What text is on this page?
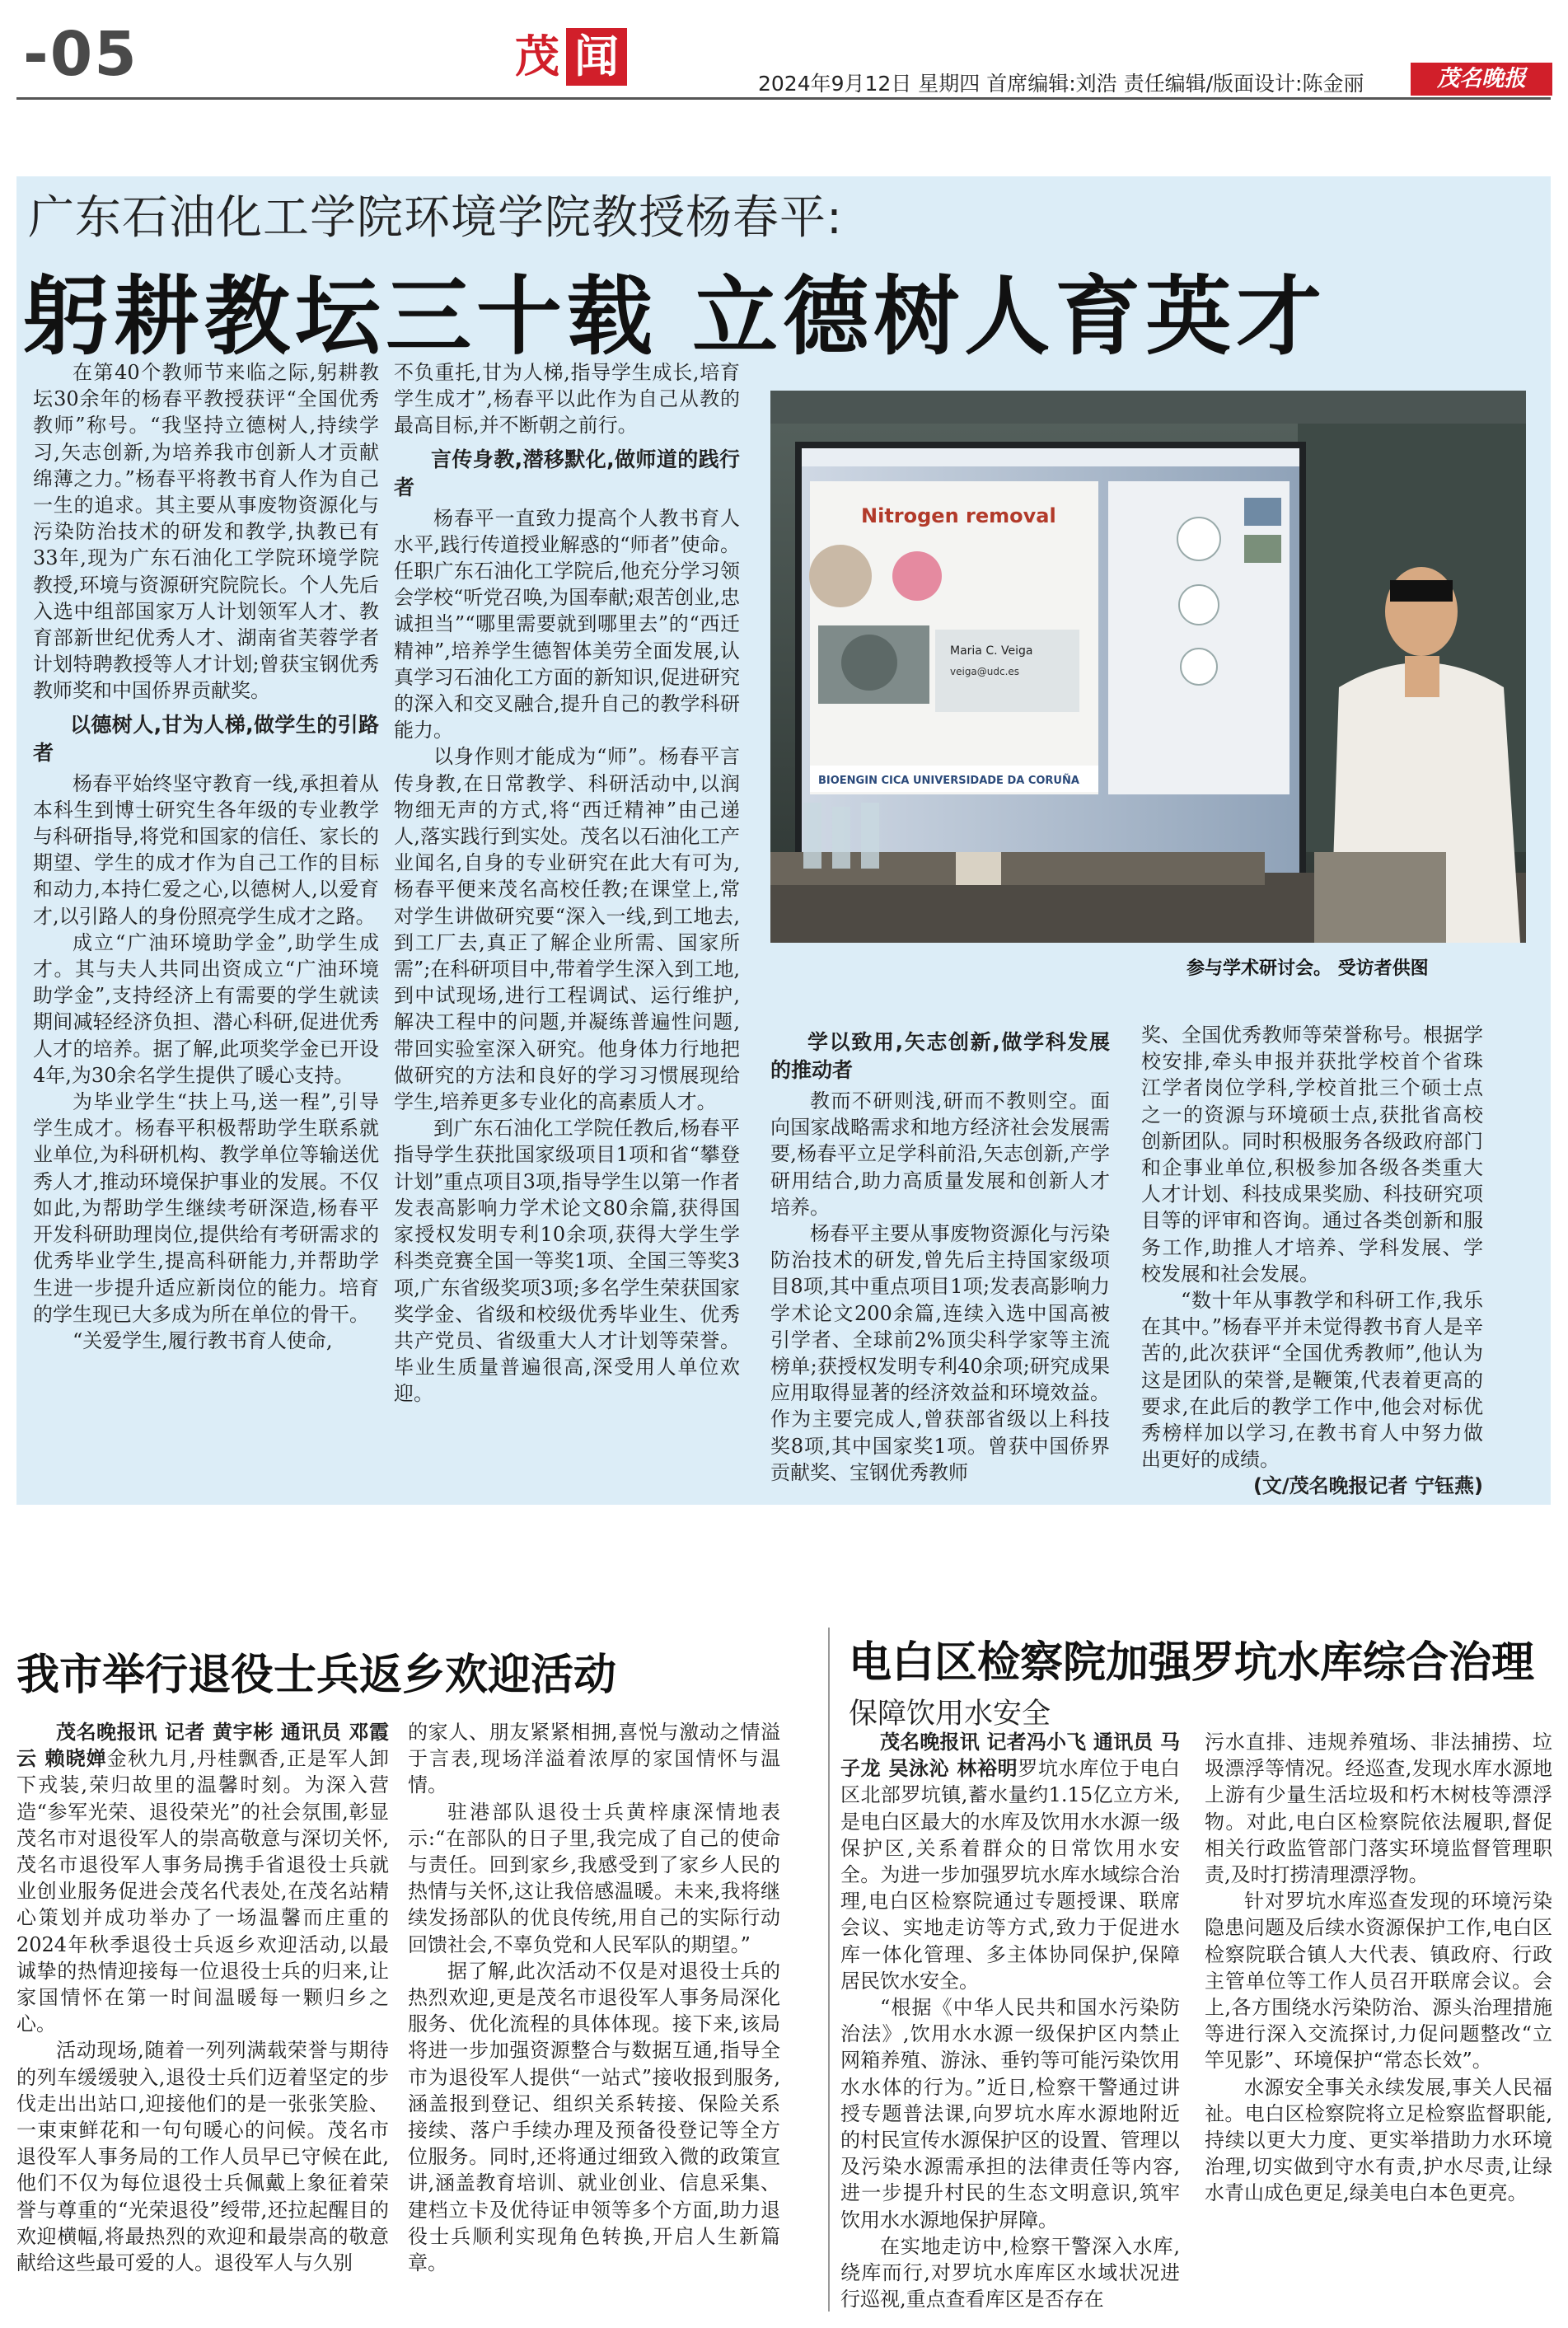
-05	茂 闻
2024年9月12日 星期四 首席编辑:刘浩 责任编辑/版面设计:陈金丽	茂名晚报
广东石油化工学院环境学院教授杨春平:
躬耕教坛三十载 立德树人育英才

在第40个教师节来临之际,躬耕教坛30余年的杨春平教授获评“全国优秀教师”称号。“我坚持立德树人,持续学习,矢志创新,为培养我市创新人才贡献绵薄之力。”杨春平将教书育人作为自己一生的追求。其主要从事废物资源化与污染防治技术的研发和教学,执教已有33年,现为广东石油化工学院环境学院教授,环境与资源研究院院长。个人先后入选中组部国家万人计划领军人才、教育部新世纪优秀人才、湖南省芙蓉学者计划特聘教授等人才计划;曾获宝钢优秀教师奖和中国侨界贡献奖。

以德树人,甘为人梯,做学生的引路者

杨春平始终坚守教育一线,承担着从本科生到博士研究生各年级的专业教学与科研指导,将党和国家的信任、家长的期望、学生的成才作为自己工作的目标和动力,本持仁爱之心,以德树人,以爱育才,以引路人的身份照亮学生成才之路。

成立“广油环境助学金”,助学生成才。其与夫人共同出资成立“广油环境助学金”,支持经济上有需要的学生就读期间减轻经济负担、潜心科研,促进优秀人才的培养。据了解,此项奖学金已开设4年,为30余名学生提供了暖心支持。

为毕业学生“扶上马,送一程”,引导学生成才。杨春平积极帮助学生联系就业单位,为科研机构、教学单位等输送优秀人才,推动环境保护事业的发展。不仅如此,为帮助学生继续考研深造,杨春平开发科研助理岗位,提供给有考研需求的优秀毕业学生,提高科研能力,并帮助学生进一步提升适应新岗位的能力。培育的学生现已大多成为所在单位的骨干。

“关爱学生,履行教书育人使命,

不负重托,甘为人梯,指导学生成长,培育学生成才”,杨春平以此作为自己从教的最高目标,并不断朝之前行。
言传身教,潜移默化,做师道的践行者

杨春平一直致力提高个人教书育人水平,践行传道授业解惑的“师者”使命。任职广东石油化工学院后,他充分学习领会学校“听党召唤,为国奉献;艰苦创业,忠诚担当”“哪里需要就到哪里去”的“西迁精神”,培养学生德智体美劳全面发展,认真学习石油化工方面的新知识,促进研究的深入和交叉融合,提升自己的教学科研能力。

以身作则才能成为“师”。杨春平言传身教,在日常教学、科研活动中,以润物细无声的方式,将“西迁精神”由己递人,落实践行到实处。茂名以石油化工产业闻名,自身的专业研究在此大有可为,杨春平便来茂名高校任教;在课堂上,常对学生讲做研究要“深入一线,到工地去,到工厂去,真正了解企业所需、国家所需”;在科研项目中,带着学生深入到工地,到中试现场,进行工程调试、运行维护,解决工程中的问题,并凝练普遍性问题,带回实验室深入研究。他身体力行地把做研究的方法和良好的学习习惯展现给学生,培养更多专业化的高素质人才。

到广东石油化工学院任教后,杨春平指导学生获批国家级项目1项和省“攀登计划”重点项目3项,指导学生以第一作者发表高影响力学术论文80余篇,获得国家授权发明专利10余项,获得大学生学科类竞赛全国一等奖1项、全国三等奖3项,广东省级奖项3项;多名学生荣获国家奖学金、省级和校级优秀毕业生、优秀共产党员、省级重大人才计划等荣誉。毕业生质量普遍很高,深受用人单位欢迎。

学以致用,矢志创新,做学科发展的推动者

教而不研则浅,研而不教则空。面向国家战略需求和地方经济社会发展需要,杨春平立足学科前沿,矢志创新,产学研用结合,助力高质量发展和创新人才培养。

杨春平主要从事废物资源化与污染防治技术的研发,曾先后主持国家级项目8项,其中重点项目1项;发表高影响力学术论文200余篇,连续入选中国高被引学者、全球前2%顶尖科学家等主流榜单;获授权发明专利40余项;研究成果应用取得显著的经济效益和环境效益。作为主要完成人,曾获部省级以上科技奖8项,其中国家奖1项。曾获中国侨界贡献奖、宝钢优秀教师

奖、全国优秀教师等荣誉称号。根据学校安排,牵头申报并获批学校首个省珠江学者岗位学科,学校首批三个硕士点之一的资源与环境硕士点,获批省高校创新团队。同时积极服务各级政府部门和企事业单位,积极参加各级各类重大人才计划、科技成果奖励、科技研究项目等的评审和咨询。通过各类创新和服务工作,助推人才培养、学科发展、学校发展和社会发展。

“数十年从事教学和科研工作,我乐在其中。”杨春平并未觉得教书育人是辛苦的,此次获评“全国优秀教师”,他认为这是团队的荣誉,是鞭策,代表着更高的要求,在此后的教学工作中,他会对标优秀榜样加以学习,在教书育人中努力做出更好的成绩。

(文/茂名晚报记者 宁钰燕)

Nitrogen removal
Maria C. Veiga
veiga@udc.es
BIOENGIN CICA UNIVERSIDADE DA CORUÑA
参与学术研讨会。 受访者供图
我市举行退役士兵返乡欢迎活动

茂名晚报讯 记者 黄宇彬 通讯员 邓霞云 赖晓婵金秋九月,丹桂飘香,正是军人卸下戎装,荣归故里的温馨时刻。为深入营造“参军光荣、退役荣光”的社会氛围,彰显茂名市对退役军人的崇高敬意与深切关怀,茂名市退役军人事务局携手省退役士兵就业创业服务促进会茂名代表处,在茂名站精心策划并成功举办了一场温馨而庄重的2024年秋季退役士兵返乡欢迎活动,以最诚挚的热情迎接每一位退役士兵的归来,让家国情怀在第一时间温暖每一颗归乡之心。

活动现场,随着一列列满载荣誉与期待的列车缓缓驶入,退役士兵们迈着坚定的步伐走出出站口,迎接他们的是一张张笑脸、一束束鲜花和一句句暖心的问候。茂名市退役军人事务局的工作人员早已守候在此,他们不仅为每位退役士兵佩戴上象征着荣誉与尊重的“光荣退役”绶带,还拉起醒目的欢迎横幅,将最热烈的欢迎和最崇高的敬意献给这些最可爱的人。退役军人与久别

的家人、朋友紧紧相拥,喜悦与激动之情溢于言表,现场洋溢着浓厚的家国情怀与温情。

驻港部队退役士兵黄梓康深情地表示:“在部队的日子里,我完成了自己的使命与责任。回到家乡,我感受到了家乡人民的热情与关怀,这让我倍感温暖。未来,我将继续发扬部队的优良传统,用自己的实际行动回馈社会,不辜负党和人民军队的期望。”

据了解,此次活动不仅是对退役士兵的热烈欢迎,更是茂名市退役军人事务局深化服务、优化流程的具体体现。接下来,该局将进一步加强资源整合与数据互通,指导全市为退役军人提供“一站式”接收报到服务,涵盖报到登记、组织关系转接、保险关系接续、落户手续办理及预备役登记等全方位服务。同时,还将通过细致入微的政策宣讲,涵盖教育培训、就业创业、信息采集、建档立卡及优待证申领等多个方面,助力退役士兵顺利实现角色转换,开启人生新篇章。

电白区检察院加强罗坑水库综合治理
保障饮用水安全

茂名晚报讯 记者冯小飞 通讯员 马子龙 吴泳沁 林裕明罗坑水库位于电白区北部罗坑镇,蓄水量约1.15亿立方米,是电白区最大的水库及饮用水水源一级保护区,关系着群众的日常饮用水安全。为进一步加强罗坑水库水域综合治理,电白区检察院通过专题授课、联席会议、实地走访等方式,致力于促进水库一体化管理、多主体协同保护,保障居民饮水安全。

“根据《中华人民共和国水污染防治法》,饮用水水源一级保护区内禁止网箱养殖、游泳、垂钓等可能污染饮用水水体的行为。”近日,检察干警通过讲授专题普法课,向罗坑水库水源地附近的村民宣传水源保护区的设置、管理以及污染水源需承担的法律责任等内容,进一步提升村民的生态文明意识,筑牢饮用水水源地保护屏障。

在实地走访中,检察干警深入水库,绕库而行,对罗坑水库库区水域状况进行巡视,重点查看库区是否存在

污水直排、违规养殖场、非法捕捞、垃圾漂浮等情况。经巡查,发现水库水源地上游有少量生活垃圾和朽木树枝等漂浮物。对此,电白区检察院依法履职,督促相关行政监管部门落实环境监督管理职责,及时打捞清理漂浮物。

针对罗坑水库巡查发现的环境污染隐患问题及后续水资源保护工作,电白区检察院联合镇人大代表、镇政府、行政主管单位等工作人员召开联席会议。会上,各方围绕水污染防治、源头治理措施等进行深入交流探讨,力促问题整改“立竿见影”、环境保护“常态长效”。

水源安全事关永续发展,事关人民福祉。电白区检察院将立足检察监督职能,持续以更大力度、更实举措助力水环境治理,切实做到守水有责,护水尽责,让绿水青山成色更足,绿美电白本色更亮。
